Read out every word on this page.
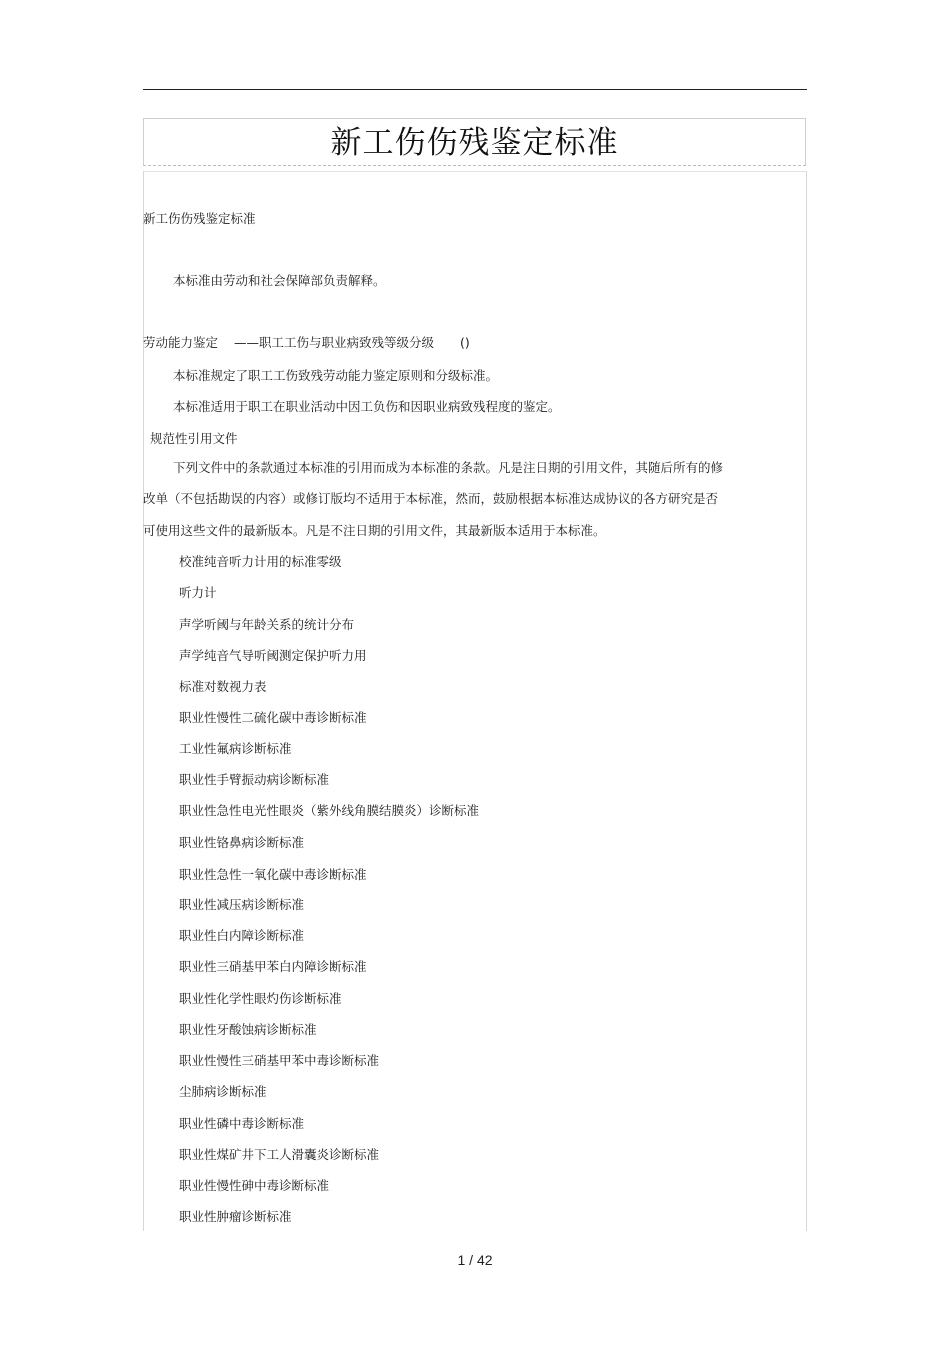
新工伤伤残鉴定标准
新工伤伤残鉴定标准
本标准由劳动和社会保障部负责解释。
劳动能力鉴定 ——职工工伤与职业病致残等级分级 ()
本标准规定了职工工伤致残劳动能力鉴定原则和分级标准。
本标准适用于职工在职业活动中因工负伤和因职业病致残程度的鉴定。
规范性引用文件
下列文件中的条款通过本标准的引用而成为本标准的条款。凡是注日期的引用文件，其随后所有的修
改单（不包括勘误的内容）或修订版均不适用于本标准，然而，鼓励根据本标准达成协议的各方研究是否
可使用这些文件的最新版本。凡是不注日期的引用文件，其最新版本适用于本标准。
校准纯音听力计用的标准零级
听力计
声学听阈与年龄关系的统计分布
声学纯音气导听阈测定保护听力用
标准对数视力表
职业性慢性二硫化碳中毒诊断标准
工业性氟病诊断标准
职业性手臂振动病诊断标准
职业性急性电光性眼炎（紫外线角膜结膜炎）诊断标准
职业性铬鼻病诊断标准
职业性急性一氧化碳中毒诊断标准
职业性减压病诊断标准
职业性白内障诊断标准
职业性三硝基甲苯白内障诊断标准
职业性化学性眼灼伤诊断标准
职业性牙酸蚀病诊断标准
职业性慢性三硝基甲苯中毒诊断标准
尘肺病诊断标准
职业性磷中毒诊断标准
职业性煤矿井下工人滑囊炎诊断标准
职业性慢性砷中毒诊断标准
职业性肿瘤诊断标准
1 / 42
